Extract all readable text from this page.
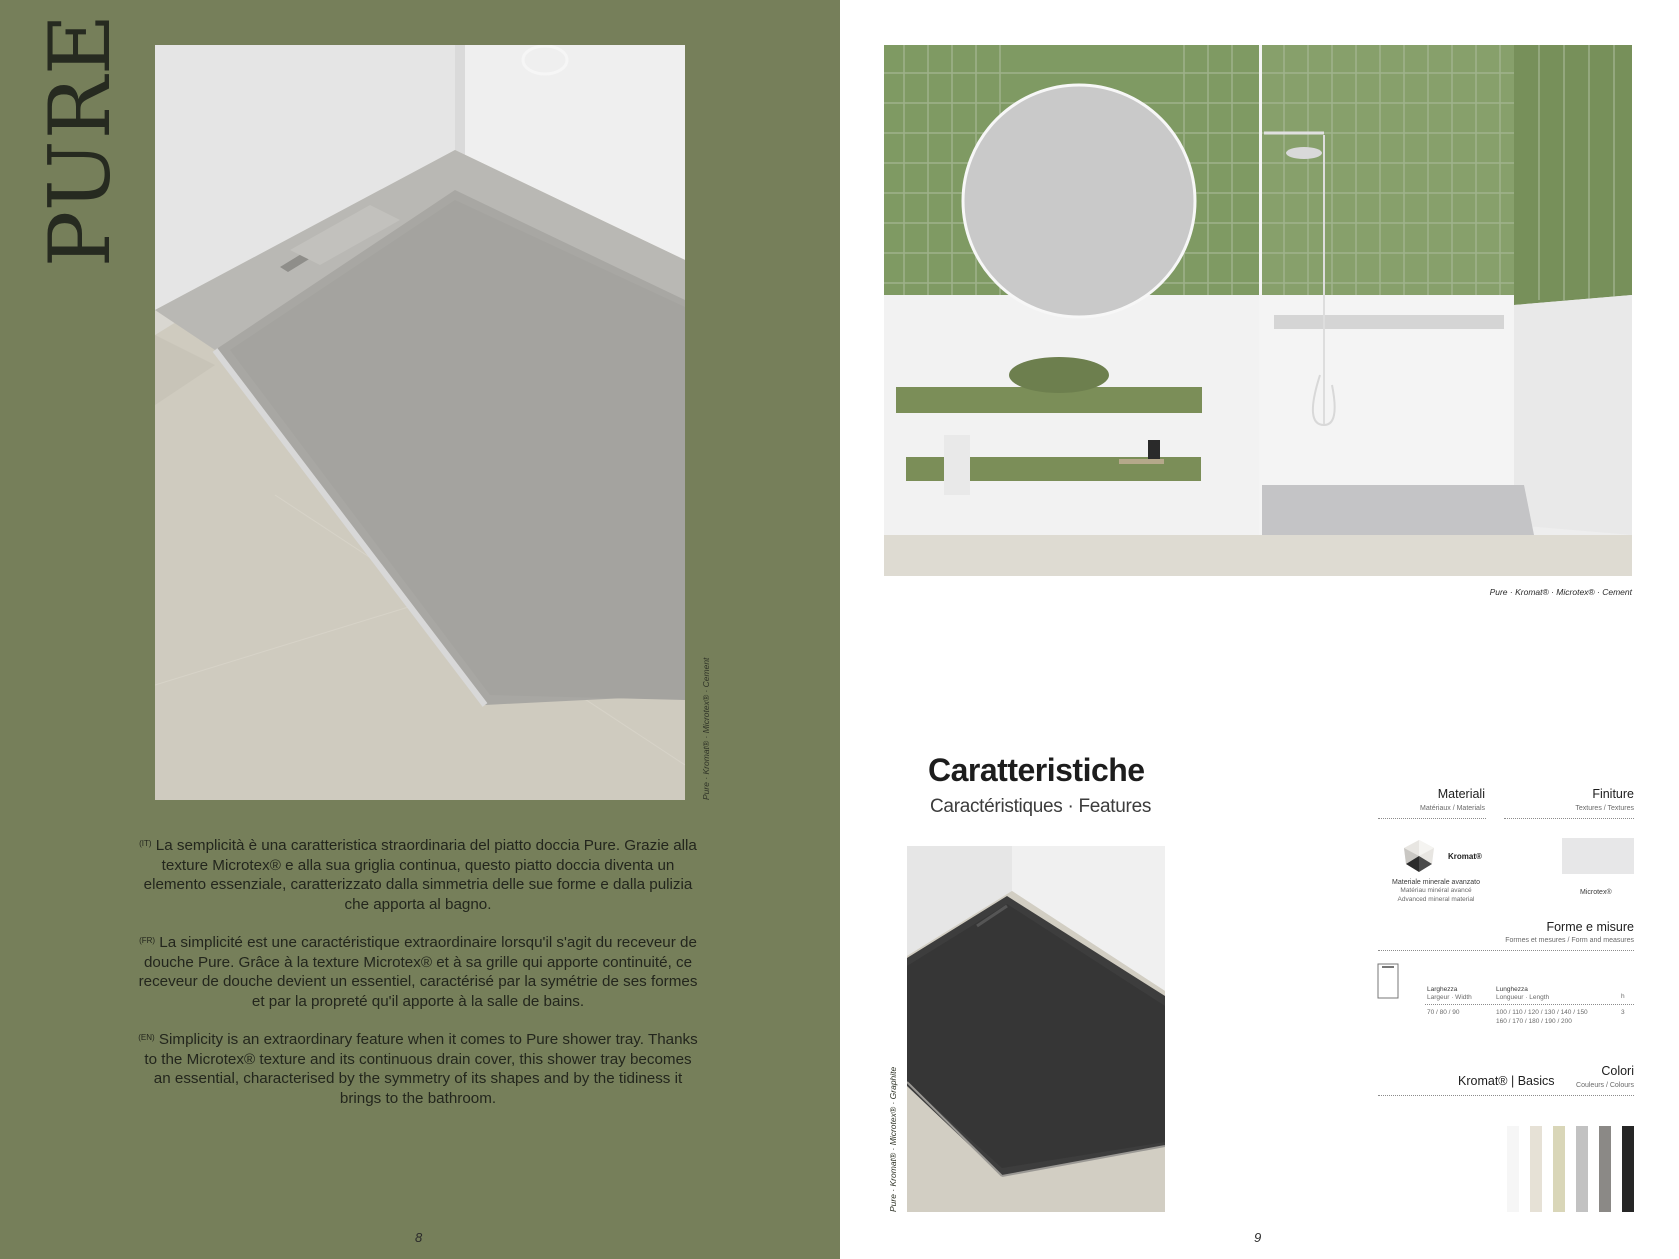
PURE
Pure · Kromat® · Microtex® · Cement
$^{(IT)}$ La semplicità è una caratteristica straordinaria del piatto doccia Pure. Grazie alla texture Microtex® e alla sua griglia continua, questo piatto doccia diventa un elemento essenziale, caratterizzato dalla simmetria delle sue forme e dalla pulizia che apporta al bagno.
$^{(FR)}$ La simplicité est une caractéristique extraordinaire lorsqu'il s'agit du receveur de douche Pure. Grâce à la texture Microtex® et à sa grille qui apporte continuité, ce receveur de douche devient un essentiel, caractérisé par la symétrie de ses formes et par la propreté qu'il apporte à la salle de bains.
$^{(EN)}$ Simplicity is an extraordinary feature when it comes to Pure shower tray. Thanks to the Microtex® texture and its continuous drain cover, this shower tray becomes an essential, characterised by the symmetry of its shapes and by the tidiness it brings to the bathroom.
8
Pure · Kromat® · Microtex® · Cement
Caratteristiche
Caractéristiques · Features
Pure · Kromat® · Microtex® · Graphite
Materiali
Matériaux / Materials
Kromat®
Materiale minerale avanzato
Matériau minéral avancé
Advanced mineral material
Finiture
Textures / Textures
Microtex®
Forme e misure
Formes et mesures / Form and measures
Larghezza
Largeur · Width
Lunghezza
Longueur · Length	h
70 / 80 / 90	100 / 110 / 120 / 130 / 140 / 150
160 / 170 / 180 / 190 / 200
3
Kromat® | Basics
Colori
Couleurs / Colours
9
